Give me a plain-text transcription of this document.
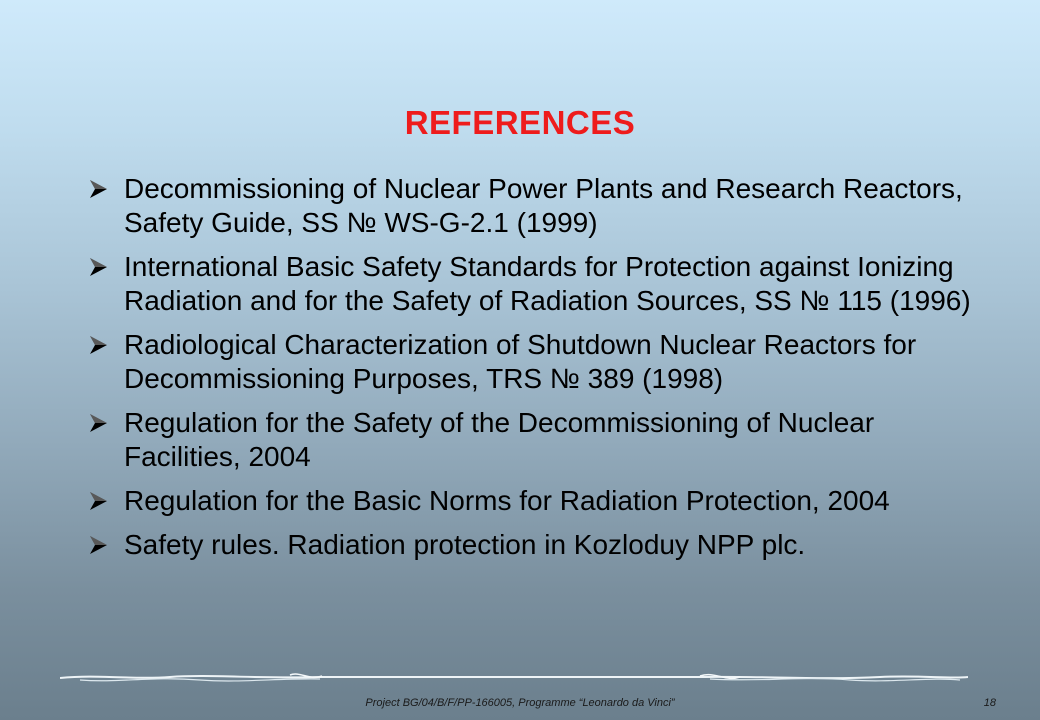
REFERENCES
Decommissioning of Nuclear Power Plants and Research Reactors, Safety Guide, SS № WS-G-2.1 (1999)
International Basic Safety Standards for Protection against Ionizing Radiation and for the Safety of Radiation Sources, SS № 115 (1996)
Radiological Characterization of Shutdown Nuclear Reactors for Decommissioning Purposes, TRS № 389 (1998)
Regulation for the Safety of the Decommissioning of Nuclear Facilities, 2004
Regulation for the Basic Norms for Radiation Protection, 2004
Safety rules. Radiation protection in Kozloduy NPP plc.
Project BG/04/B/F/PP-166005, Programme “Leonardo da Vinci”	18
